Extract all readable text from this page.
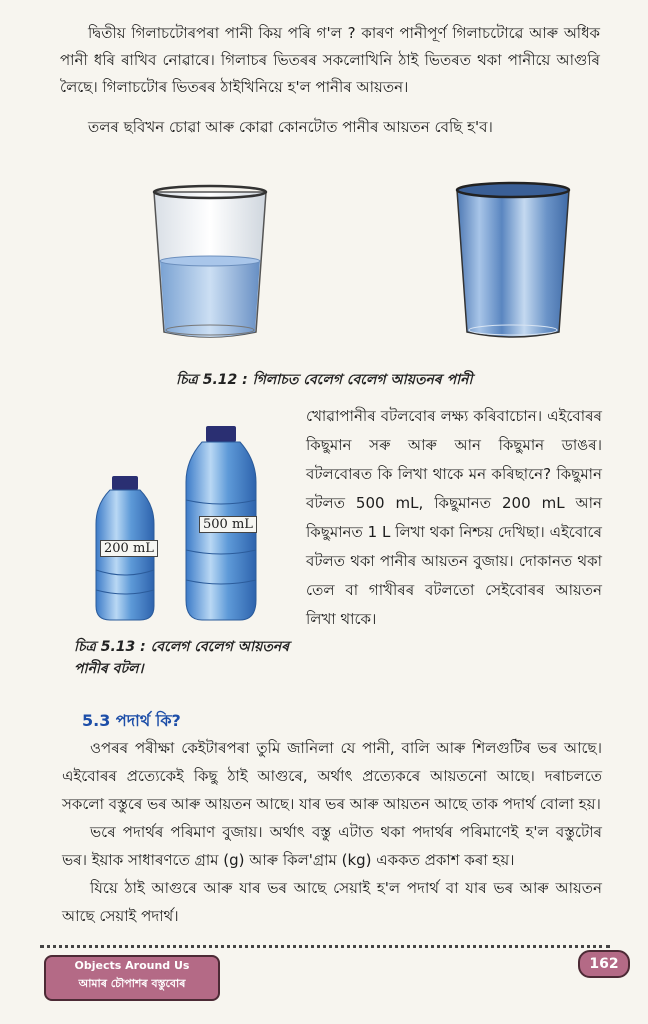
দ্বিতীয় গিলাচটোৰপৰা পানী কিয় পৰি গ'ল ? কাৰণ পানীপূৰ্ণ গিলাচটোৱে আৰু অধিক পানী ধৰি ৰাখিব নোৱাৰে। গিলাচৰ ভিতৰৰ সকলোখিনি ঠাই ভিতৰত থকা পানীয়ে আগুৰি লৈছে। গিলাচটোৰ ভিতৰৰ ঠাইখিনিয়ে হ'ল পানীৰ আয়তন।

তলৰ ছবিখন চোৱা আৰু কোৱা কোনটোত পানীৰ আয়তন বেছি হ'ব।

চিত্ৰ 5.12 : গিলাচত বেলেগ বেলেগ আয়তনৰ পানী
200 mL
500 mL

খোৱাপানীৰ বটলবোৰ লক্ষ্য কৰিবাচোন। এইবোৰৰ কিছুমান সৰু আৰু আন কিছুমান ডাঙৰ। বটলবোৰত কি লিখা থাকে মন কৰিছানে? কিছুমান বটলত 500 mL, কিছুমানত 200 mL আন কিছুমানত 1 L লিখা থকা নিশ্চয় দেখিছা। এইবোৰে বটলত থকা পানীৰ আয়তন বুজায়। দোকানত থকা তেল বা গাখীৰৰ বটলতো সেইবোৰৰ আয়তন লিখা থাকে।

চিত্ৰ 5.13 : বেলেগ বেলেগ আয়তনৰ পানীৰ বটল।
5.3 পদাৰ্থ কি?

ওপৰৰ পৰীক্ষা কেইটাৰপৰা তুমি জানিলা যে পানী, বালি আৰু শিলগুটিৰ ভৰ আছে। এইবোৰৰ প্ৰত্যেকেই কিছু ঠাই আগুৰে, অৰ্থাৎ প্ৰত্যেকৰে আয়তনো আছে। দৰাচলতে সকলো বস্তুৰে ভৰ আৰু আয়তন আছে। যাৰ ভৰ আৰু আয়তন আছে তাক পদাৰ্থ বোলা হয়।

ভৰে পদাৰ্থৰ পৰিমাণ বুজায়। অৰ্থাৎ বস্তু এটাত থকা পদাৰ্থৰ পৰিমাণেই হ'ল বস্তুটোৰ ভৰ। ইয়াক সাধাৰণতে গ্ৰাম (g) আৰু কিল'গ্ৰাম (kg) এককত প্ৰকাশ কৰা হয়।

যিয়ে ঠাই আগুৰে আৰু যাৰ ভৰ আছে সেয়াই হ'ল পদাৰ্থ বা যাৰ ভৰ আৰু আয়তন আছে সেয়াই পদাৰ্থ।

Objects Around Us
আমাৰ চৌপাশৰ বস্তুবোৰ
162
